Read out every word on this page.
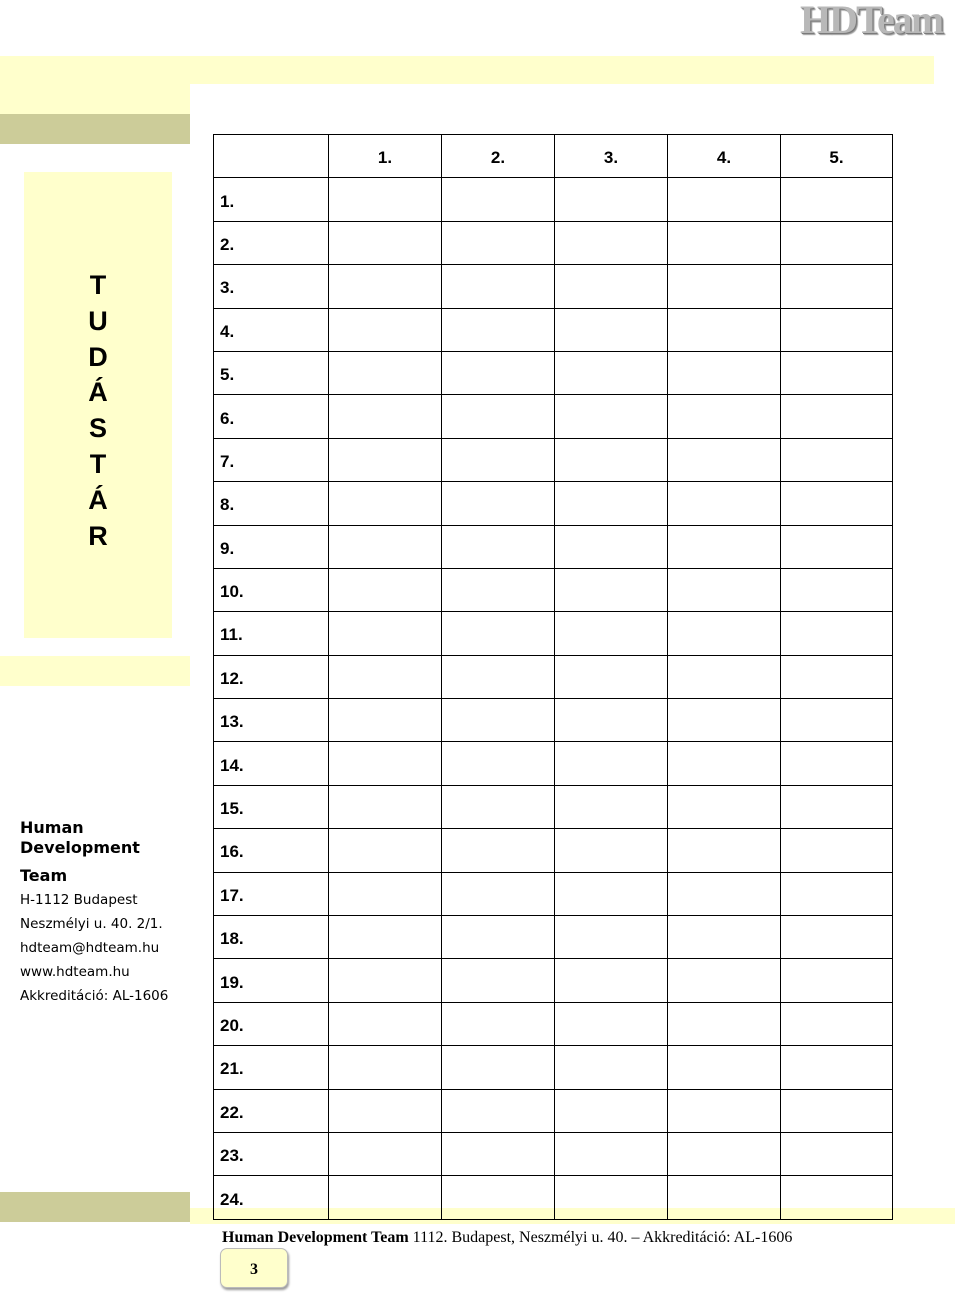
HDTeam
T
U
D
Á
S
T
Á
R
Human Development
Team
H-1112 Budapest
Neszmélyi u. 40. 2/1.
hdteam@hdteam.hu
www.hdteam.hu
Akkreditáció: AL-1606
	1.	2.	3.	4.	5.
1.					
2.					
3.					
4.					
5.					
6.					
7.					
8.					
9.					
10.					
11.					
12.					
13.					
14.					
15.					
16.					
17.					
18.					
19.					
20.					
21.					
22.					
23.					
24.					
Human Development Team 1112. Budapest, Neszmélyi u. 40. – Akkreditáció: AL-1606
3
